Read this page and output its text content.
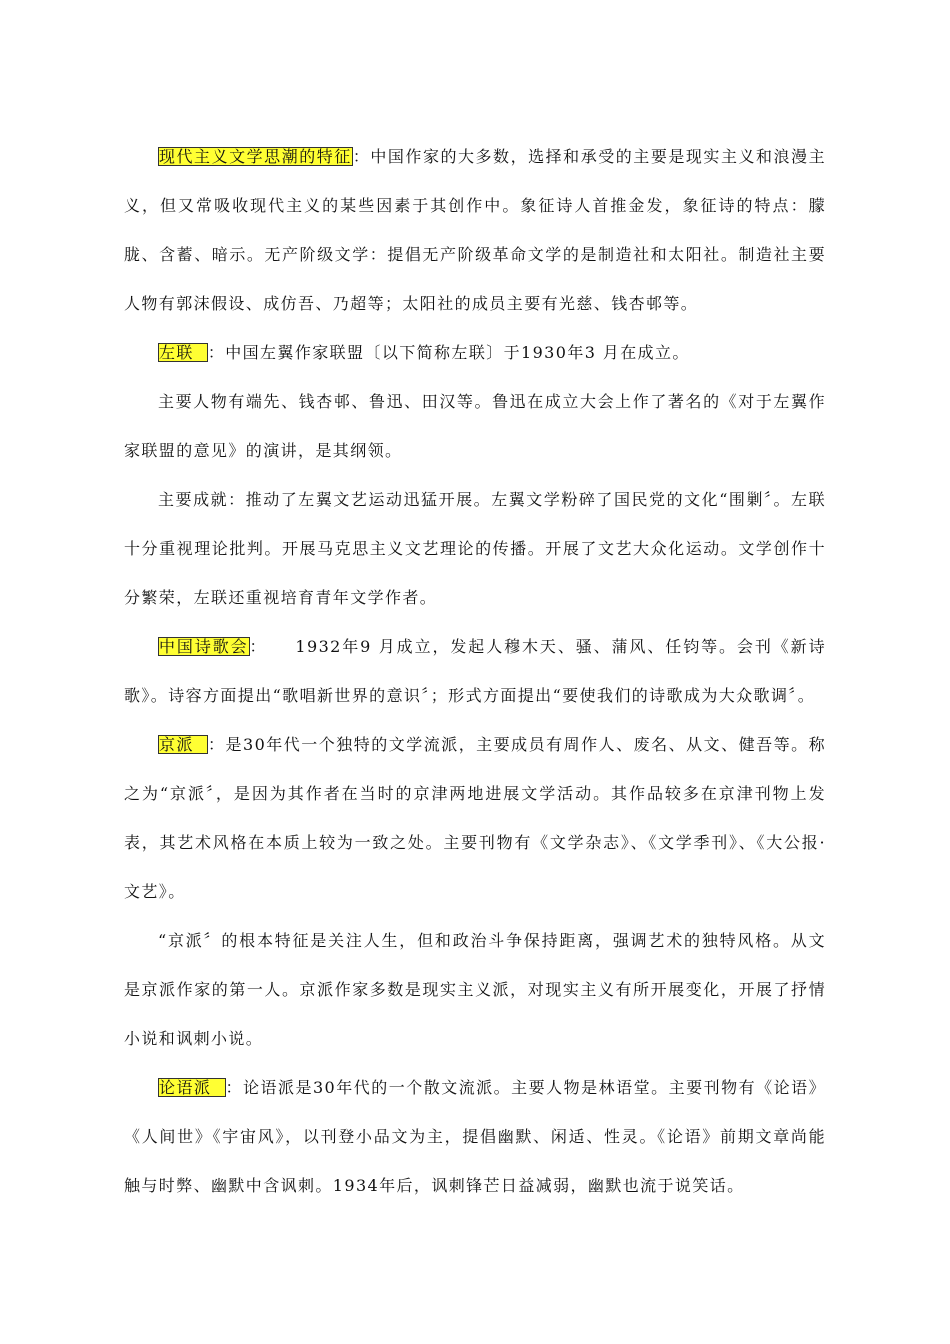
现代主义文学思潮的特征：中国作家的大多数，选择和承受的主要是现实主义和浪漫主义，但又常吸收现代主义的某些因素于其创作中。象征诗人首推金发，象征诗的特点：朦胧、含蓄、暗示。无产阶级文学：提倡无产阶级革命文学的是制造社和太阳社。制造社主要人物有郭沫假设、成仿吾、乃超等；太阳社的成员主要有光慈、钱杏邨等。

左联 ：中国左翼作家联盟〔以下简称左联〕于1930年3 月在成立。

主要人物有端先、钱杏邨、鲁迅、田汉等。鲁迅在成立大会上作了著名的《对于左翼作家联盟的意见》的演讲，是其纲领。

主要成就：推动了左翼文艺运动迅猛开展。左翼文学粉碎了国民党的文化“围剿〞。左联十分重视理论批判。开展马克思主义文艺理论的传播。开展了文艺大众化运动。文学创作十分繁荣，左联还重视培育青年文学作者。

中国诗歌会：    1932年9 月成立，发起人穆木天、骚、蒲风、任钧等。会刊《新诗歌》。诗容方面提出“歌唱新世界的意识〞；形式方面提出“要使我们的诗歌成为大众歌调〞。

京派 ：是30年代一个独特的文学流派，主要成员有周作人、废名、从文、健吾等。称之为“京派〞，是因为其作者在当时的京津两地进展文学活动。其作品较多在京津刊物上发表，其艺术风格在本质上较为一致之处。主要刊物有《文学杂志》、《文学季刊》、《大公报·文艺》。

“京派〞的根本特征是关注人生，但和政治斗争保持距离，强调艺术的独特风格。从文是京派作家的第一人。京派作家多数是现实主义派，对现实主义有所开展变化，开展了抒情小说和讽刺小说。

论语派 ：论语派是30年代的一个散文流派。主要人物是林语堂。主要刊物有《论语》《人间世》《宇宙风》，以刊登小品文为主，提倡幽默、闲适、性灵。《论语》前期文章尚能触与时弊、幽默中含讽刺。1934年后，讽刺锋芒日益减弱，幽默也流于说笑话。
